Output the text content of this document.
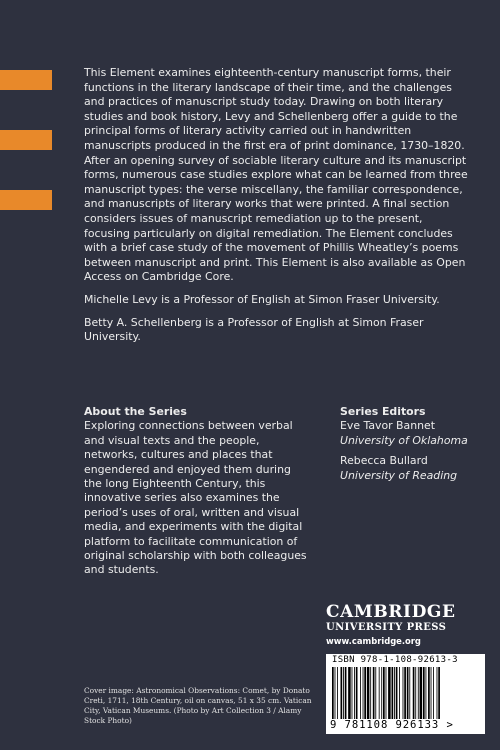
This Element examines eighteenth-century manuscript forms, their functions in the literary landscape of their time, and the challenges and practices of manuscript study today. Drawing on both literary studies and book history, Levy and Schellenberg offer a guide to the principal forms of literary activity carried out in handwritten manuscripts produced in the first era of print dominance, 1730–1820. After an opening survey of sociable literary culture and its manuscript forms, numerous case studies explore what can be learned from three manuscript types: the verse miscellany, the familiar correspondence, and manuscripts of literary works that were printed. A final section considers issues of manuscript remediation up to the present, focusing particularly on digital remediation. The Element concludes with a brief case study of the movement of Phillis Wheatley’s poems between manuscript and print. This Element is also available as Open Access on Cambridge Core.

Michelle Levy is a Professor of English at Simon Fraser University.

Betty A. Schellenberg is a Professor of English at Simon Fraser University.

About the Series
Exploring connections between verbal and visual texts and the people, networks, cultures and places that engendered and enjoyed them during the long Eighteenth Century, this innovative series also examines the period’s uses of oral, written and visual media, and experiments with the digital platform to facilitate communication of original scholarship with both colleagues and students.
Series Editors
Eve Tavor Bannet
University of Oklahoma
Rebecca Bullard
University of Reading
CAMBRIDGE
UNIVERSITY PRESS
www.cambridge.org
ISBN 978-1-108-92613-3
9 781108 926133 >
Cover image: Astronomical Observations: Comet, by Donato Creti, 1711, 18th Century, oil on canvas, 51 x 35 cm. Vatican City, Vatican Museums. (Photo by Art Collection 3 / Alamy Stock Photo)
